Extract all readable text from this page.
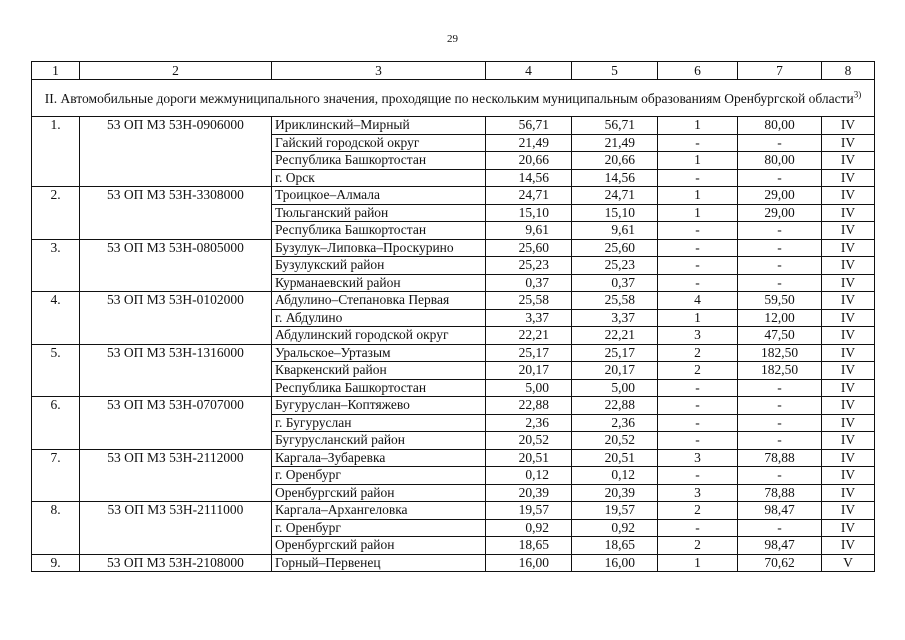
29
1	2	3	4	5	6	7	8
II. Автомобильные дороги межмуниципального значения, проходящие по нескольким муниципальным образованиям Оренбургской области$^{3)}$
1.	53 ОП МЗ 53Н-0906000	Ириклинский–Мирный	56,71	56,71	1	80,00	IV
		Гайский городской округ	21,49	21,49	-	-	IV
		Республика Башкортостан	20,66	20,66	1	80,00	IV
		г. Орск	14,56	14,56	-	-	IV
2.	53 ОП МЗ 53Н-3308000	Троицкое–Алмала	24,71	24,71	1	29,00	IV
		Тюльганский район	15,10	15,10	1	29,00	IV
		Республика Башкортостан	9,61	9,61	-	-	IV
3.	53 ОП МЗ 53Н-0805000	Бузулук–Липовка–Проскурино	25,60	25,60	-	-	IV
		Бузулукский район	25,23	25,23	-	-	IV
		Курманаевский район	0,37	0,37	-	-	IV
4.	53 ОП МЗ 53Н-0102000	Абдулино–Степановка Первая	25,58	25,58	4	59,50	IV
		г. Абдулино	3,37	3,37	1	12,00	IV
		Абдулинский городской округ	22,21	22,21	3	47,50	IV
5.	53 ОП МЗ 53Н-1316000	Уральское–Уртазым	25,17	25,17	2	182,50	IV
		Кваркенский район	20,17	20,17	2	182,50	IV
		Республика Башкортостан	5,00	5,00	-	-	IV
6.	53 ОП МЗ 53Н-0707000	Бугуруслан–Коптяжево	22,88	22,88	-	-	IV
		г. Бугуруслан	2,36	2,36	-	-	IV
		Бугурусланский район	20,52	20,52	-	-	IV
7.	53 ОП МЗ 53Н-2112000	Каргала–Зубаревка	20,51	20,51	3	78,88	IV
		г. Оренбург	0,12	0,12	-	-	IV
		Оренбургский район	20,39	20,39	3	78,88	IV
8.	53 ОП МЗ 53Н-2111000	Каргала–Архангеловка	19,57	19,57	2	98,47	IV
		г. Оренбург	0,92	0,92	-	-	IV
		Оренбургский район	18,65	18,65	2	98,47	IV
9.	53 ОП МЗ 53Н-2108000	Горный–Первенец	16,00	16,00	1	70,62	V
